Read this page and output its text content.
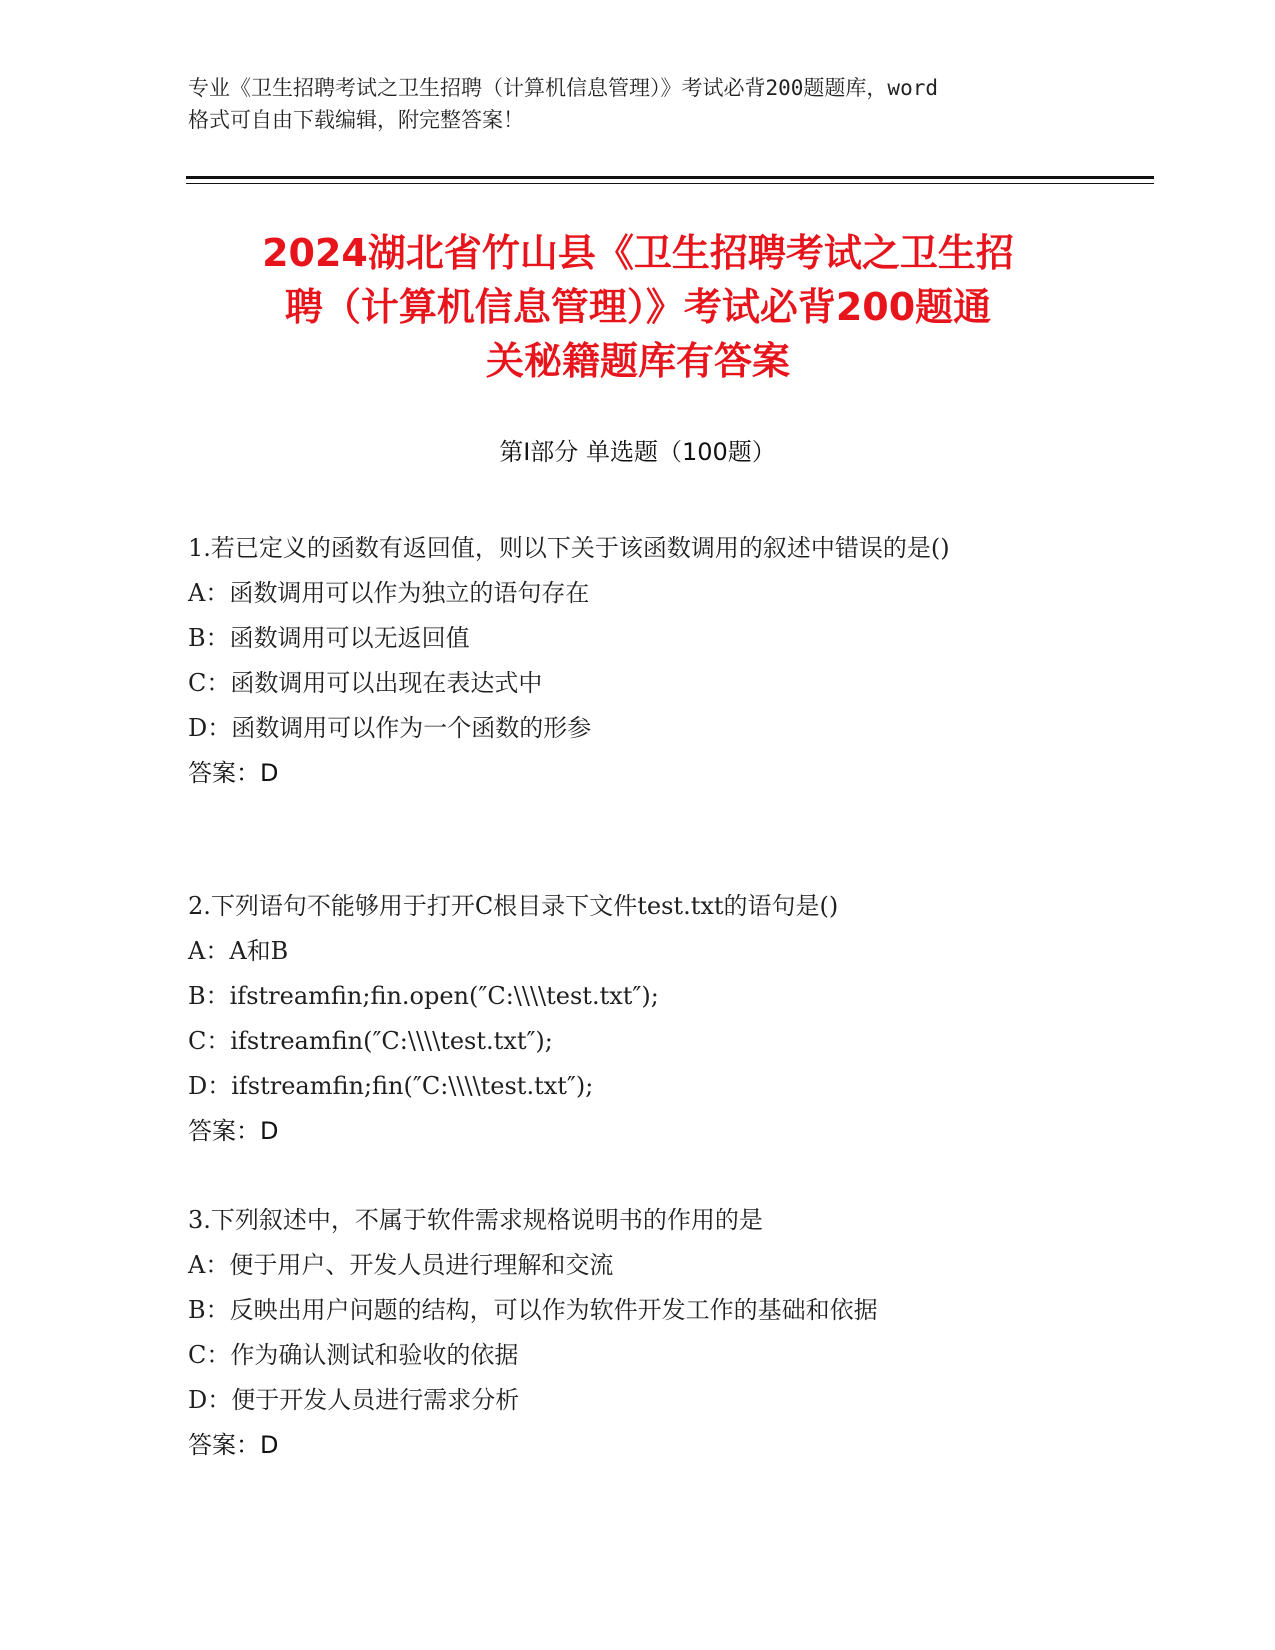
专业《卫生招聘考试之卫生招聘（计算机信息管理）》考试必背200题题库，word
格式可自由下载编辑，附完整答案！
2024湖北省竹山县《卫生招聘考试之卫生招
聘（计算机信息管理）》考试必背200题通
关秘籍题库有答案
第Ⅰ部分 单选题（100题）

1.若已定义的函数有返回值，则以下关于该函数调用的叙述中错误的是()

A：函数调用可以作为独立的语句存在

B：函数调用可以无返回值

C：函数调用可以出现在表达式中

D：函数调用可以作为一个函数的形参

答案：D

2.下列语句不能够用于打开C根目录下文件test.txt的语句是()

A：A和B

B：ifstreamfin;fin.open(″C:\\\\test.txt″);

C：ifstreamfin(″C:\\\\test.txt″);

D：ifstreamfin;fin(″C:\\\\test.txt″);

答案：D

3.下列叙述中，不属于软件需求规格说明书的作用的是

A：便于用户、开发人员进行理解和交流

B：反映出用户问题的结构，可以作为软件开发工作的基础和依据

C：作为确认测试和验收的依据

D：便于开发人员进行需求分析

答案：D
